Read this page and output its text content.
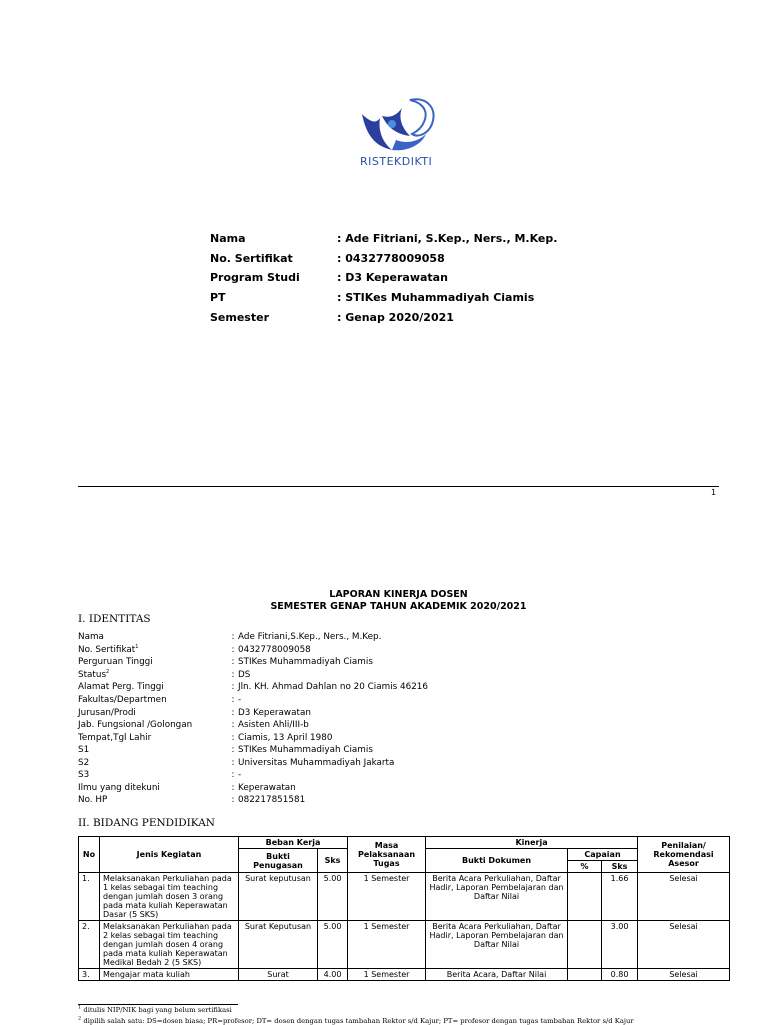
RISTEKDIKTI
Nama	: Ade Fitriani, S.Kep., Ners., M.Kep.
No. Sertifikat	: 0432778009058
Program Studi	: D3 Keperawatan
PT	: STIKes Muhammadiyah Ciamis
Semester	: Genap 2020/2021
1
LAPORAN KINERJA DOSEN
SEMESTER GENAP TAHUN AKADEMIK 2020/2021
I. IDENTITAS
Nama	: Ade Fitriani,S.Kep., Ners., M.Kep.
No. Sertifikat$^1$	: 0432778009058
Perguruan Tinggi	: STIKes Muhammadiyah Ciamis
Status$^2$	: DS
Alamat Perg. Tinggi	: Jln. KH. Ahmad Dahlan no 20 Ciamis 46216
Fakultas/Departmen	: -
Jurusan/Prodi	: D3 Keperawatan
Jab. Fungsional /Golongan	: Asisten Ahli/III-b
Tempat,Tgl Lahir	: Ciamis, 13 April 1980
S1	: STIKes Muhammadiyah Ciamis
S2	: Universitas Muhammadiyah Jakarta
S3	: -
Ilmu yang ditekuni	: Keperawatan
No. HP	: 082217851581
II. BIDANG PENDIDIKAN
No	Jenis Kegiatan	Beban Kerja		Masa Pelaksanaan Tugas	Kinerja			Penilaian/ Rekomendasi Asesor
		Bukti Penugasan	Sks		Bukti Dokumen	Capaian		
						%	Sks	
1.	Melaksanakan Perkuliahan pada 1 kelas sebagai tim teaching dengan jumlah dosen 3 orang pada mata kuliah Keperawatan Dasar (5 SKS)	Surat keputusan	5.00	1 Semester	Berita Acara Perkuliahan, Daftar Hadir, Laporan Pembelajaran dan Daftar Nilai		1.66	Selesai
2.	Melaksanakan Perkuliahan pada 2 kelas sebagai tim teaching dengan jumlah dosen 4 orang pada mata kuliah Keperawatan Medikal Bedah 2 (5 SKS)	Surat Keputusan	5.00	1 Semester	Berita Acara Perkuliahan, Daftar Hadir, Laporan Pembelajaran dan Daftar Nilai		3.00	Selesai
3.	Mengajar mata kuliah	Surat	4.00	1 Semester	Berita Acara, Daftar Nilai		0.80	Selesai
$^1$ ditulis NIP/NIK bagi yang belum sertifikasi
$^2$ dipilih salah satu: DS=dosen biasa; PR=profesor; DT= dosen dengan tugas tambahan Rektor s/d Kajur; PT= profesor dengan tugas tambahan Rektor s/d Kajur
